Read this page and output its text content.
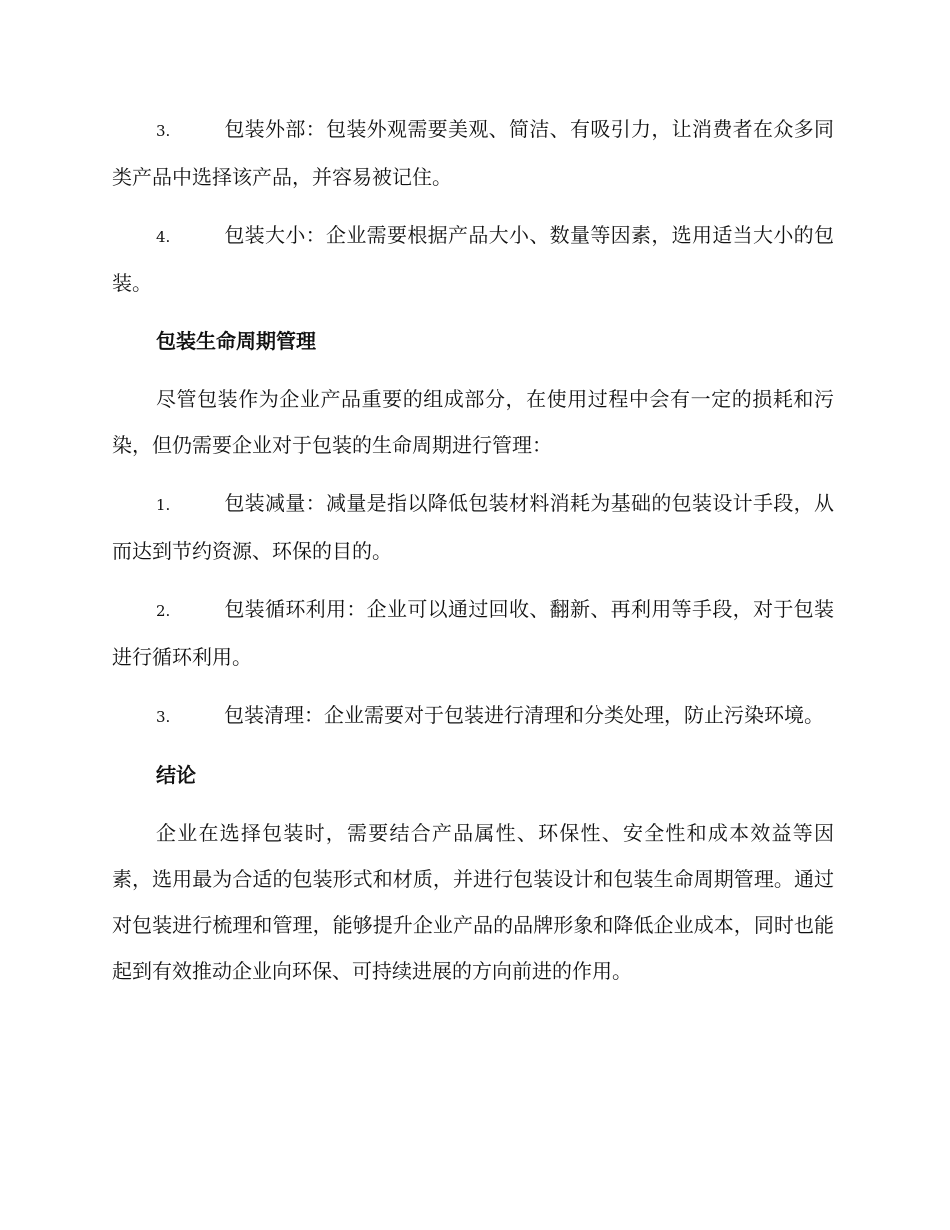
3.	包装外部：包装外观需要美观、简洁、有吸引力，让消费者在众多同类产品中选择该产品，并容易被记住。
4.	包装大小：企业需要根据产品大小、数量等因素，选用适当大小的包装。
包装生命周期管理
尽管包装作为企业产品重要的组成部分，在使用过程中会有一定的损耗和污染，但仍需要企业对于包装的生命周期进行管理：
1.	包装减量：减量是指以降低包装材料消耗为基础的包装设计手段，从而达到节约资源、环保的目的。
2.	包装循环利用：企业可以通过回收、翻新、再利用等手段，对于包装进行循环利用。
3.	包装清理：企业需要对于包装进行清理和分类处理，防止污染环境。
结论
企业在选择包装时，需要结合产品属性、环保性、安全性和成本效益等因素，选用最为合适的包装形式和材质，并进行包装设计和包装生命周期管理。通过对包装进行梳理和管理，能够提升企业产品的品牌形象和降低企业成本，同时也能起到有效推动企业向环保、可持续进展的方向前进的作用。
